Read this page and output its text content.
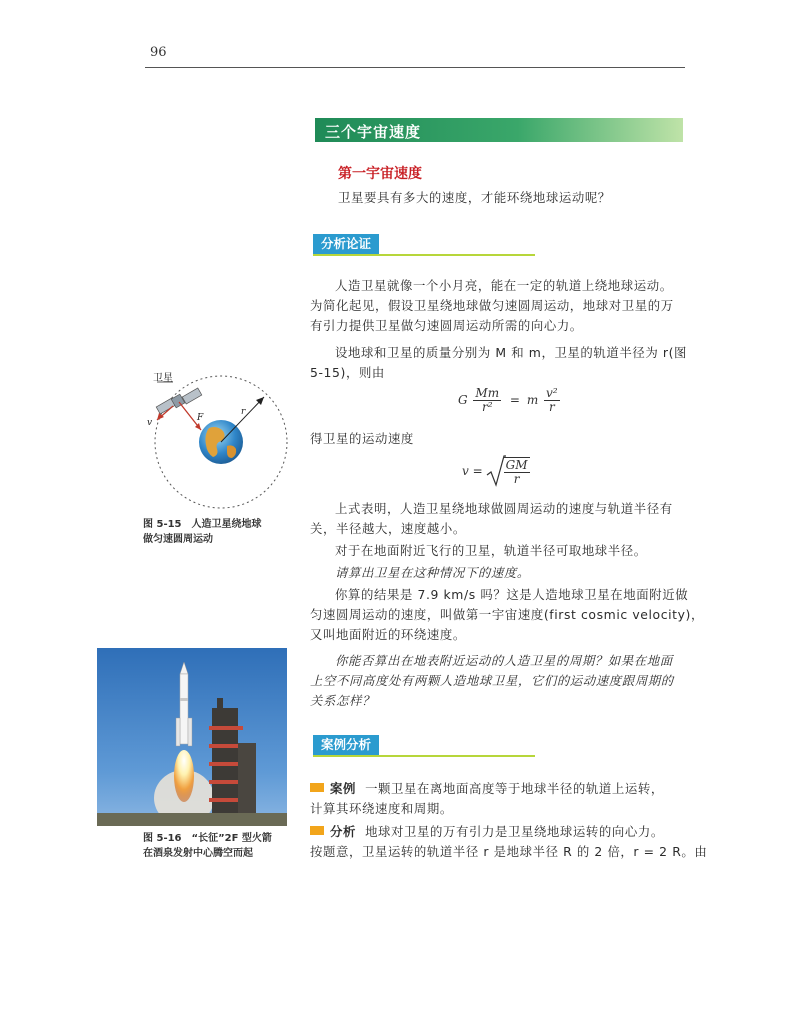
96
三个宇宙速度
第一宇宙速度
卫星要具有多大的速度，才能环绕地球运动呢？
分析论证
人造卫星就像一个小月亮，能在一定的轨道上绕地球运动。
为简化起见，假设卫星绕地球做匀速圆周运动，地球对卫星的万
有引力提供卫星做匀速圆周运动所需的向心力。
设地球和卫星的质量分别为 M 和 m，卫星的轨道半径为 r(图
5-15)，则由
G $\frac{Mm}{\text{r²}} = m \frac{\text{v²}}{r}$
得卫星的运动速度
$v = \frac{GM}{r}$
上式表明，人造卫星绕地球做圆周运动的速度与轨道半径有
关，半径越大，速度越小。
对于在地面附近飞行的卫星，轨道半径可取地球半径。
请算出卫星在这种情况下的速度。
你算的结果是 7.9 km/s 吗？这是人造地球卫星在地面附近做
匀速圆周运动的速度，叫做第一宇宙速度(first cosmic velocity)，
又叫地面附近的环绕速度。
你能否算出在地表附近运动的人造卫星的周期？如果在地面
上空不同高度处有两颗人造地球卫星，它们的运动速度跟周期的
关系怎样？
案例分析
案例 一颗卫星在离地面高度等于地球半径的轨道上运转，
计算其环绕速度和周期。
分析 地球对卫星的万有引力是卫星绕地球运转的向心力。
按题意，卫星运转的轨道半径 r 是地球半径 R 的 2 倍，r = 2 R。由
卫星
v	F
r
图 5-15　人造卫星绕地球
做匀速圆周运动
图 5-16　“长征”2F 型火箭
在酒泉发射中心腾空而起
